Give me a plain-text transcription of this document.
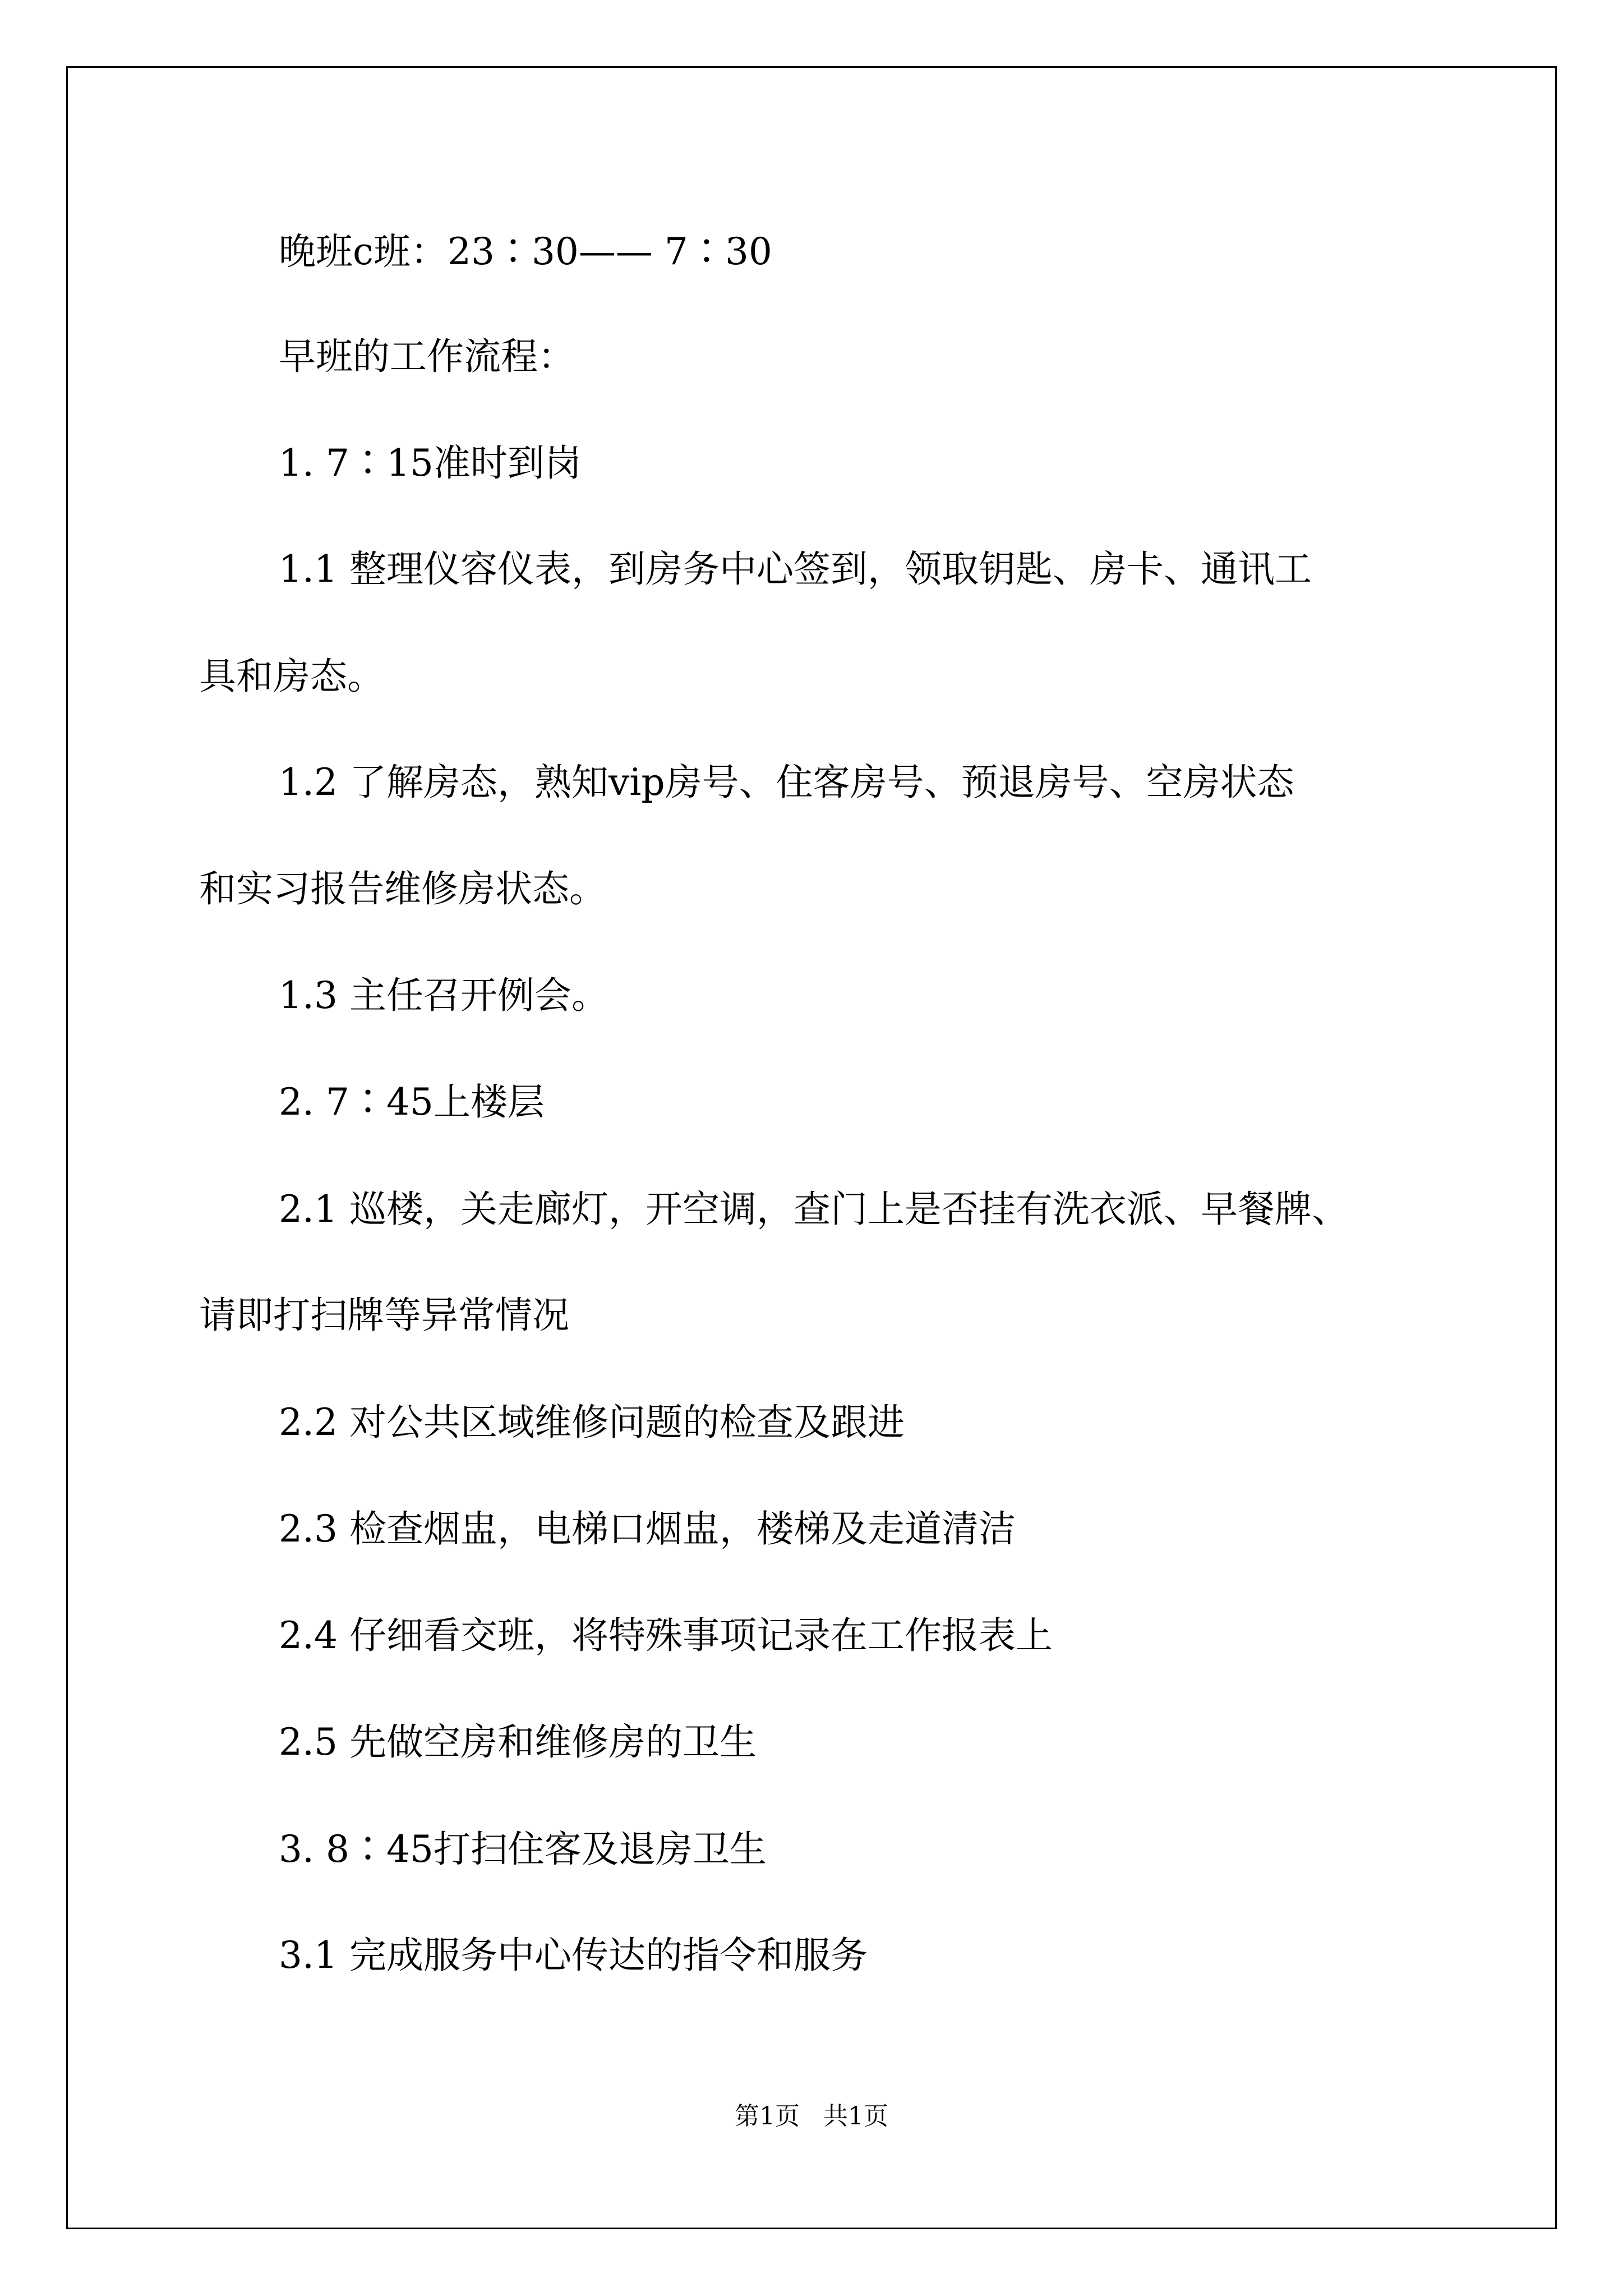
晚班c班：23∶30—— 7∶30
早班的工作流程：
1. 7∶15准时到岗
1.1 整理仪容仪表，到房务中心签到，领取钥匙、房卡、通讯工
具和房态。
1.2 了解房态，熟知vip房号、住客房号、预退房号、空房状态
和实习报告维修房状态。
1.3 主任召开例会。
2. 7∶45上楼层
2.1 巡楼，关走廊灯，开空调，查门上是否挂有洗衣派、早餐牌、
请即打扫牌等异常情况
2.2 对公共区域维修问题的检查及跟进
2.3 检查烟盅，电梯口烟盅，楼梯及走道清洁
2.4 仔细看交班，将特殊事项记录在工作报表上
2.5 先做空房和维修房的卫生
3. 8∶45打扫住客及退房卫生
3.1 完成服务中心传达的指令和服务
第1页   共1页
